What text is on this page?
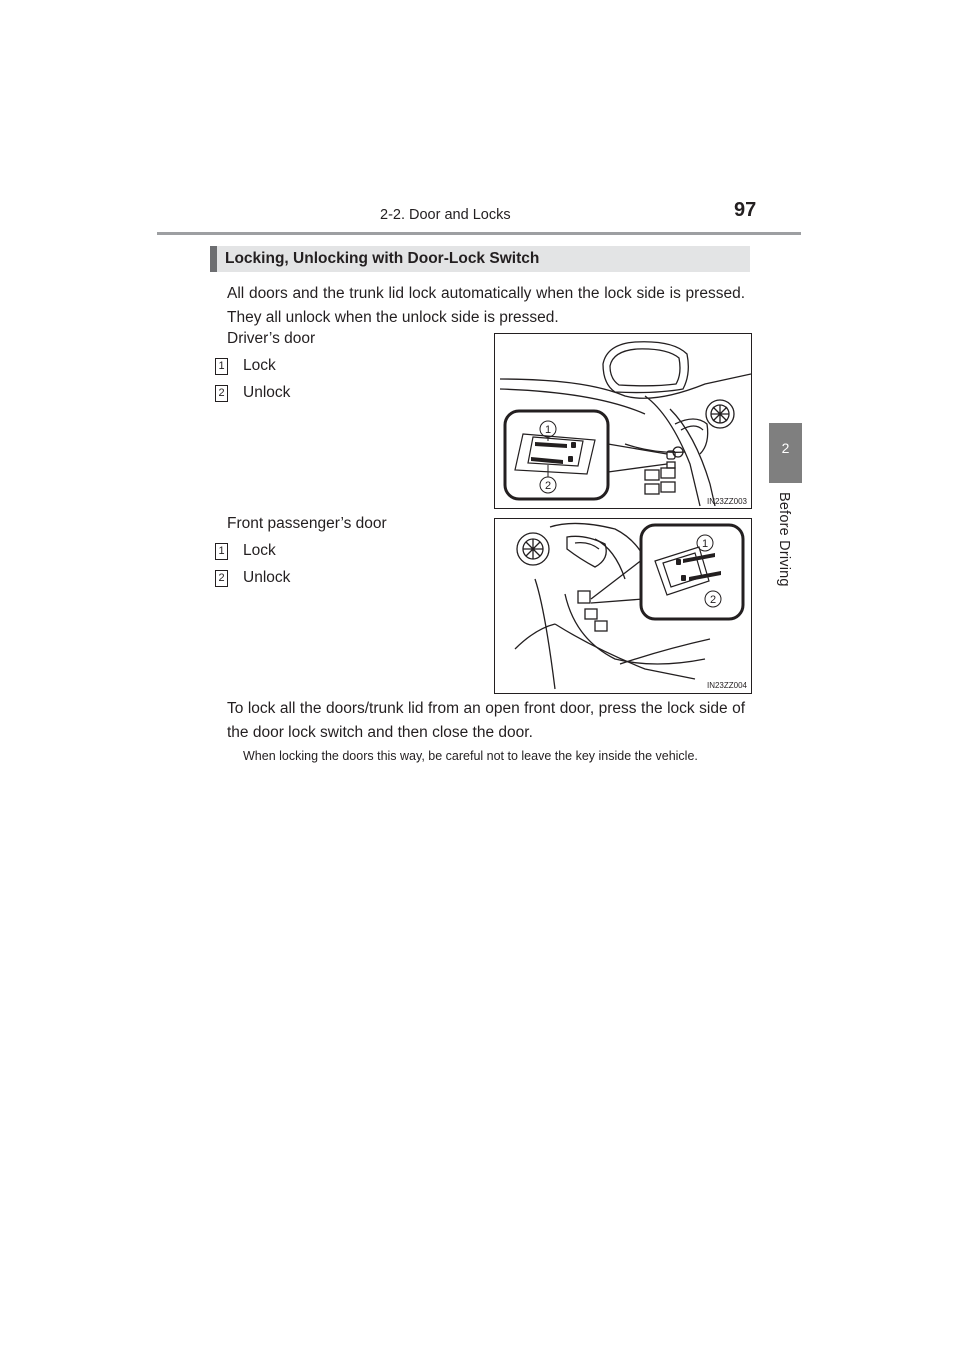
2-2. Door and Locks	97
2
Before Driving
Locking, Unlocking with Door-Lock Switch
All doors and the trunk lid lock automatically when the lock side is pressed. They all unlock when the unlock side is pressed.
Driver’s door
1 Lock
2 Unlock
1
2
IN23ZZ003
Front passenger’s door
1 Lock
2 Unlock
1
2
IN23ZZ004
To lock all the doors/trunk lid from an open front door, press the lock side of the door lock switch and then close the door.
When locking the doors this way, be careful not to leave the key inside the vehicle.
